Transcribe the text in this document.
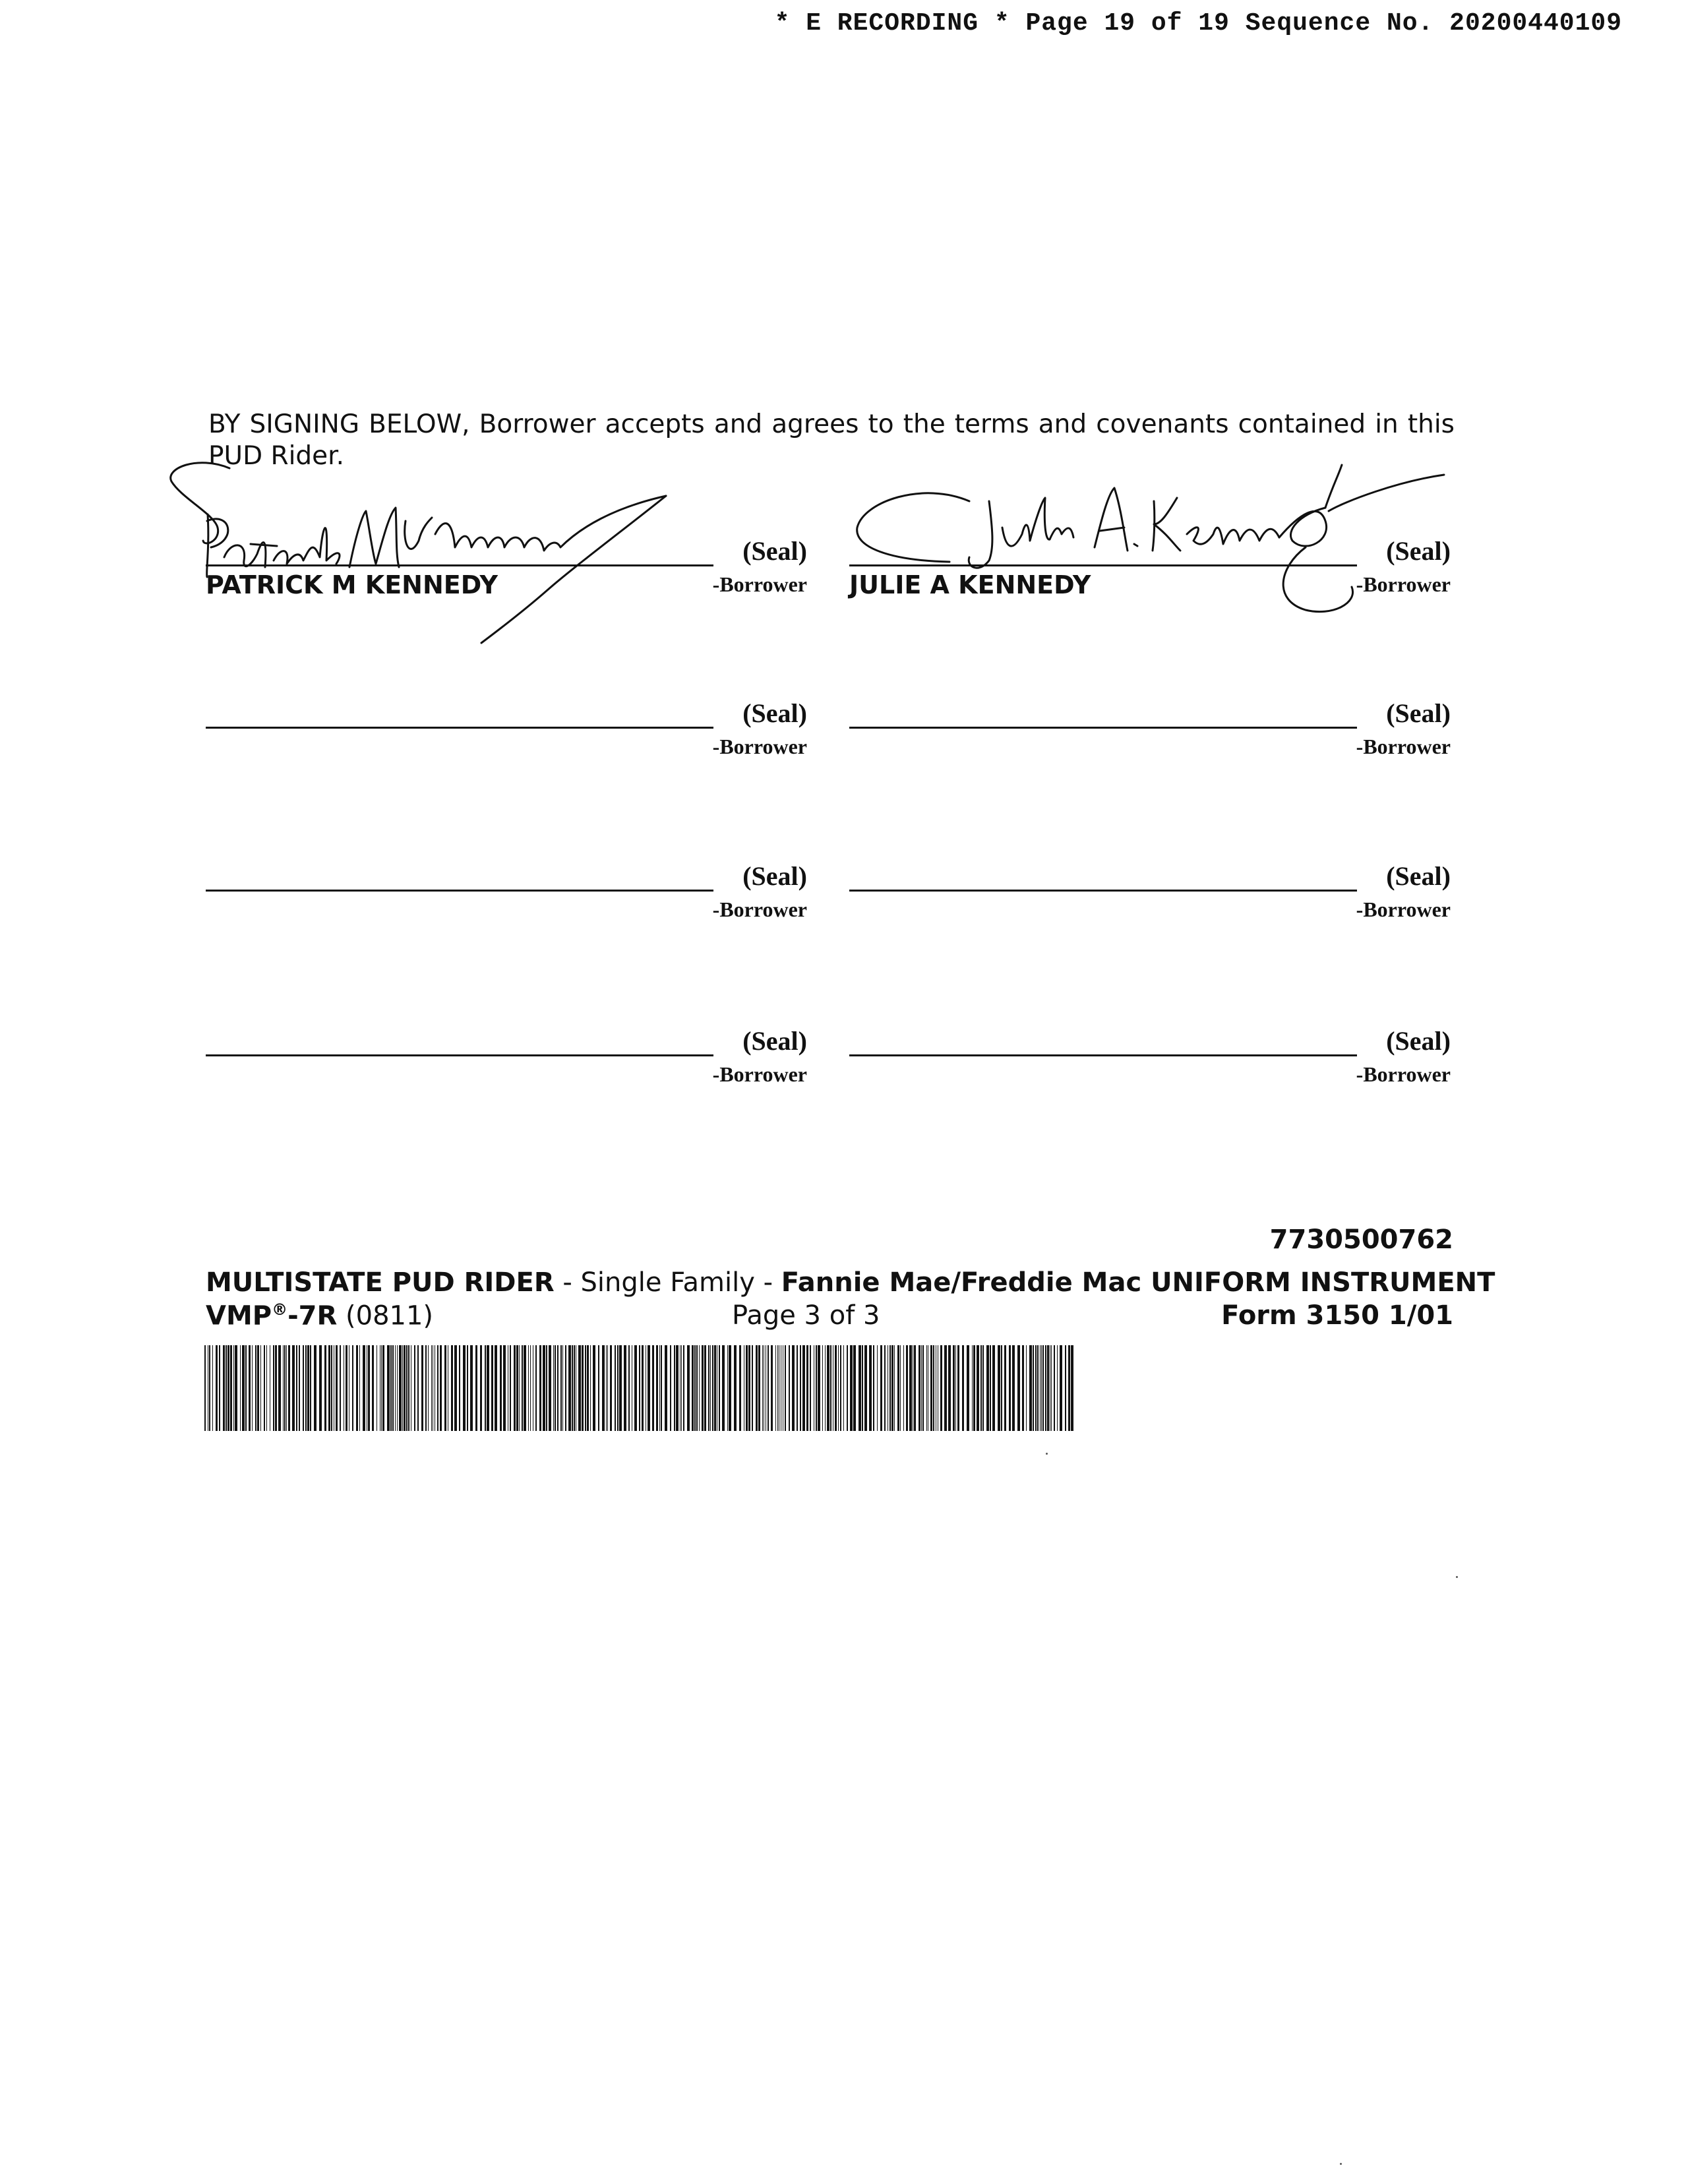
* E RECORDING * Page 19 of 19 Sequence No. 20200440109
BY SIGNING BELOW, Borrower accepts and agrees to the terms and covenants contained in this PUD Rider.
(Seal)
-Borrower
PATRICK M KENNEDY
(Seal)
-Borrower
JULIE A KENNEDY
(Seal)
-Borrower
(Seal)
-Borrower
(Seal)
-Borrower
(Seal)
-Borrower
(Seal)
-Borrower
(Seal)
-Borrower
7730500762
MULTISTATE PUD RIDER - Single Family - Fannie Mae/Freddie Mac UNIFORM INSTRUMENT
VMP®-7R (0811)	Page 3 of 3	Form 3150 1/01
